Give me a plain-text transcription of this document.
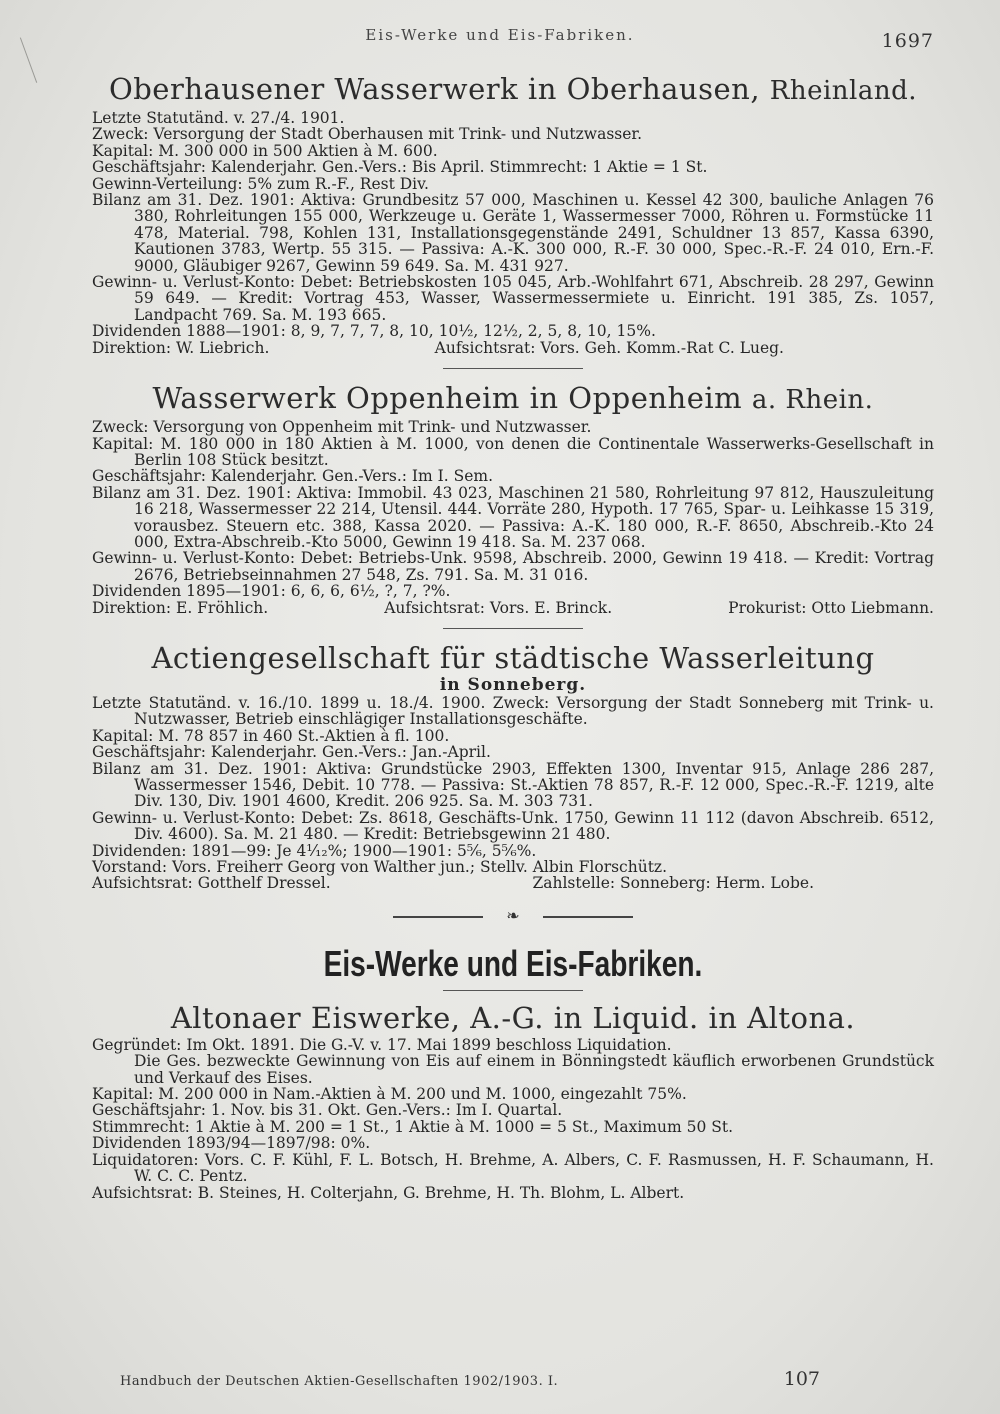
Eis-Werke und Eis-Fabriken.	1697
Oberhausener Wasserwerk in Oberhausen, Rheinland.

Letzte Statutänd. v. 27./4. 1901.

Zweck: Versorgung der Stadt Oberhausen mit Trink- und Nutzwasser.

Kapital: M. 300 000 in 500 Aktien à M. 600.

Geschäftsjahr: Kalenderjahr. Gen.-Vers.: Bis April. Stimmrecht: 1 Aktie = 1 St.

Gewinn-Verteilung: 5% zum R.-F., Rest Div.

Bilanz am 31. Dez. 1901: Aktiva: Grundbesitz 57 000, Maschinen u. Kessel 42 300, bauliche Anlagen 76 380, Rohrleitungen 155 000, Werkzeuge u. Geräte 1, Wassermesser 7000, Röhren u. Formstücke 11 478, Material. 798, Kohlen 131, Installationsgegenstände 2491, Schuldner 13 857, Kassa 6390, Kautionen 3783, Wertp. 55 315. — Passiva: A.-K. 300 000, R.-F. 30 000, Spec.-R.-F. 24 010, Ern.-F. 9000, Gläubiger 9267, Gewinn 59 649. Sa. M. 431 927.

Gewinn- u. Verlust-Konto: Debet: Betriebskosten 105 045, Arb.-Wohlfahrt 671, Abschreib. 28 297, Gewinn 59 649. — Kredit: Vortrag 453, Wasser, Wassermessermiete u. Einricht. 191 385, Zs. 1057, Landpacht 769. Sa. M. 193 665.

Dividenden 1888—1901: 8, 9, 7, 7, 7, 8, 10, 10½, 12½, 2, 5, 8, 10, 15%.

Direktion: W. Liebrich.	Aufsichtsrat: Vors. Geh. Komm.-Rat C. Lueg.

Wasserwerk Oppenheim in Oppenheim a. Rhein.

Zweck: Versorgung von Oppenheim mit Trink- und Nutzwasser.

Kapital: M. 180 000 in 180 Aktien à M. 1000, von denen die Continentale Wasserwerks-Gesellschaft in Berlin 108 Stück besitzt.

Geschäftsjahr: Kalenderjahr. Gen.-Vers.: Im I. Sem.

Bilanz am 31. Dez. 1901: Aktiva: Immobil. 43 023, Maschinen 21 580, Rohrleitung 97 812, Hauszuleitung 16 218, Wassermesser 22 214, Utensil. 444. Vorräte 280, Hypoth. 17 765, Spar- u. Leihkasse 15 319, vorausbez. Steuern etc. 388, Kassa 2020. — Passiva: A.-K. 180 000, R.-F. 8650, Abschreib.-Kto 24 000, Extra-Abschreib.-Kto 5000, Gewinn 19 418. Sa. M. 237 068.

Gewinn- u. Verlust-Konto: Debet: Betriebs-Unk. 9598, Abschreib. 2000, Gewinn 19 418. — Kredit: Vortrag 2676, Betriebseinnahmen 27 548, Zs. 791. Sa. M. 31 016.

Dividenden 1895—1901: 6, 6, 6, 6½, ?, 7, ?%.

Direktion: E. Fröhlich.	Aufsichtsrat: Vors. E. Brinck.	Prokurist: Otto Liebmann.

Actiengesellschaft für städtische Wasserleitung
in Sonneberg.

Letzte Statutänd. v. 16./10. 1899 u. 18./4. 1900. Zweck: Versorgung der Stadt Sonneberg mit Trink- u. Nutzwasser, Betrieb einschlägiger Installationsgeschäfte.

Kapital: M. 78 857 in 460 St.-Aktien à fl. 100.

Geschäftsjahr: Kalenderjahr. Gen.-Vers.: Jan.-April.

Bilanz am 31. Dez. 1901: Aktiva: Grundstücke 2903, Effekten 1300, Inventar 915, Anlage 286 287, Wassermesser 1546, Debit. 10 778. — Passiva: St.-Aktien 78 857, R.-F. 12 000, Spec.-R.-F. 1219, alte Div. 130, Div. 1901 4600, Kredit. 206 925. Sa. M. 303 731.

Gewinn- u. Verlust-Konto: Debet: Zs. 8618, Geschäfts-Unk. 1750, Gewinn 11 112 (davon Abschreib. 6512, Div. 4600). Sa. M. 21 480. — Kredit: Betriebsgewinn 21 480.

Dividenden: 1891—99: Je 4¹⁄₁₂%; 1900—1901: 5⁵⁄₆, 5⁵⁄₆%.

Vorstand: Vors. Freiherr Georg von Walther jun.; Stellv. Albin Florschütz.

Aufsichtsrat: Gotthelf Dressel.	Zahlstelle: Sonneberg: Herm. Lobe.

❧
Eis-Werke und Eis-Fabriken.
Altonaer Eiswerke, A.-G. in Liquid. in Altona.

Gegründet: Im Okt. 1891. Die G.-V. v. 17. Mai 1899 beschloss Liquidation.

Die Ges. bezweckte Gewinnung von Eis auf einem in Bönningstedt käuflich erworbenen Grundstück und Verkauf des Eises.

Kapital: M. 200 000 in Nam.-Aktien à M. 200 und M. 1000, eingezahlt 75%.

Geschäftsjahr: 1. Nov. bis 31. Okt. Gen.-Vers.: Im I. Quartal.

Stimmrecht: 1 Aktie à M. 200 = 1 St., 1 Aktie à M. 1000 = 5 St., Maximum 50 St.

Dividenden 1893/94—1897/98: 0%.

Liquidatoren: Vors. C. F. Kühl, F. L. Botsch, H. Brehme, A. Albers, C. F. Rasmussen, H. F. Schaumann, H. W. C. C. Pentz.

Aufsichtsrat: B. Steines, H. Colterjahn, G. Brehme, H. Th. Blohm, L. Albert.

Handbuch der Deutschen Aktien-Gesellschaften 1902/1903. I.	107
